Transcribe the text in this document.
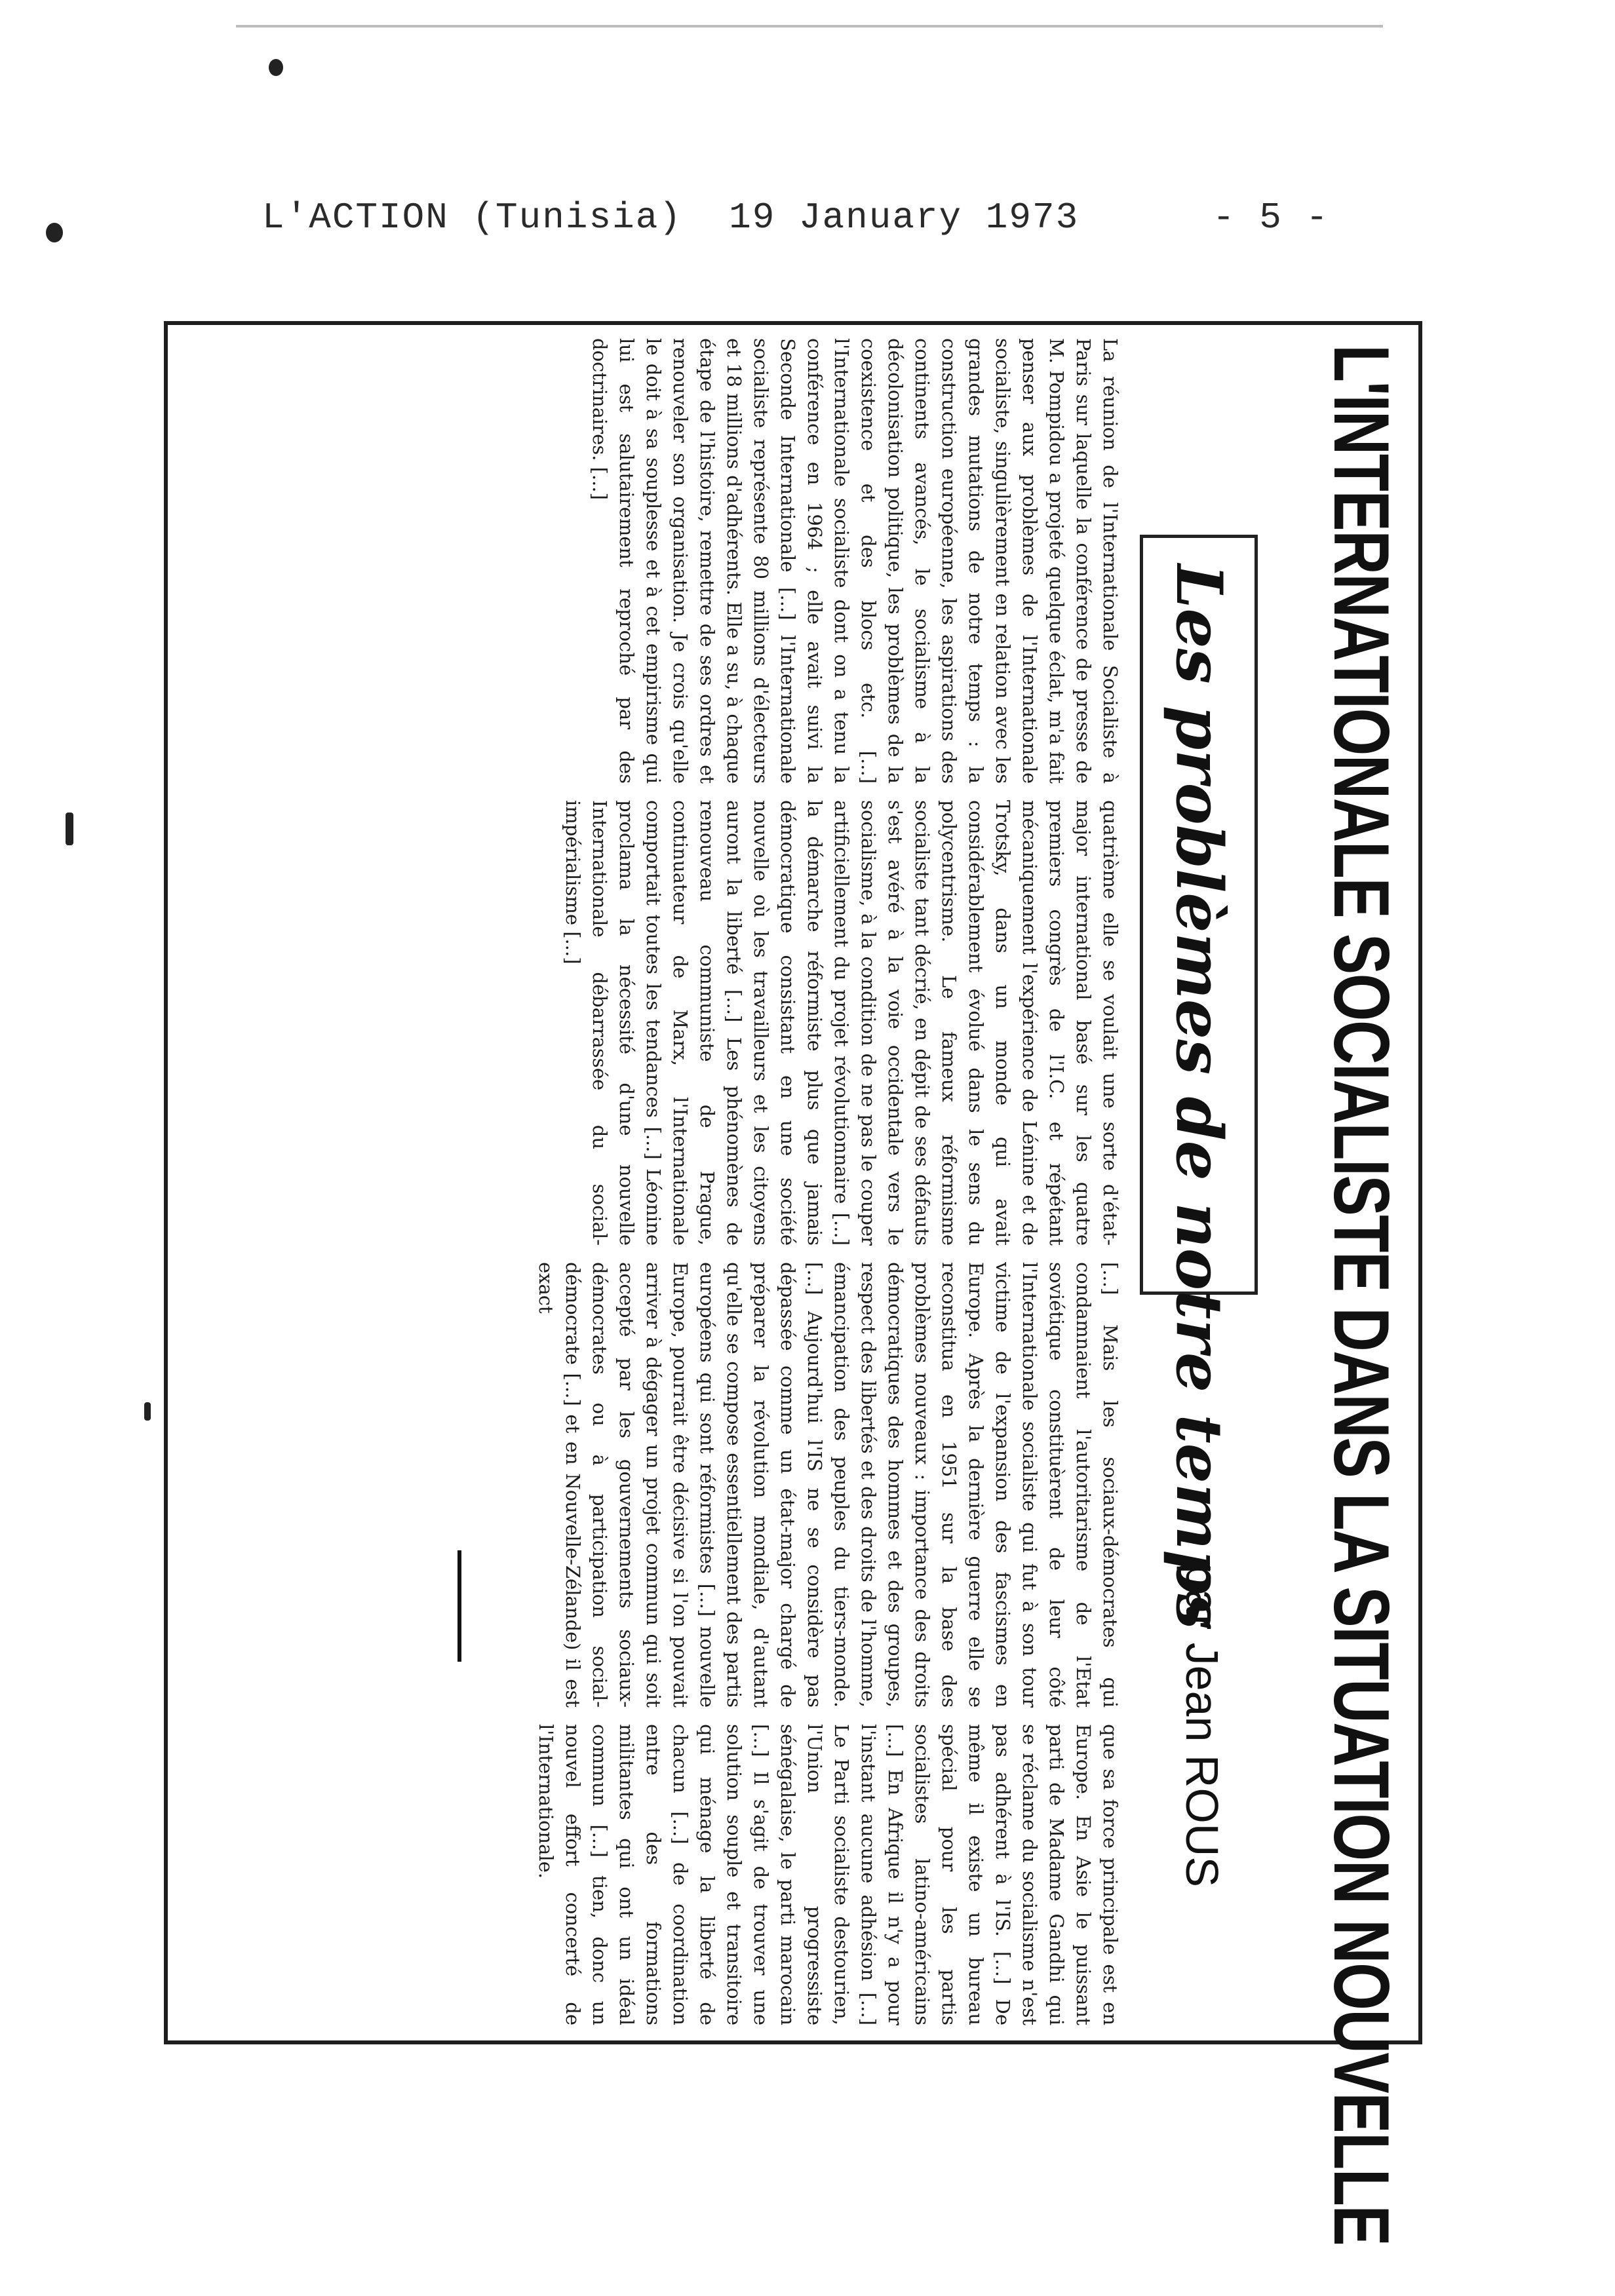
L'ACTION (Tunisia)  19 January 1973	- 5 -
L'INTERNATIONALE SOCIALISTE DANS LA SITUATION NOUVELLE
Les problèmes de notre temps
par Jean ROUS
La réunion de l'Internationale Socialiste à Paris sur laquelle la conférence de presse de M. Pompidou a projeté quelque éclat, m'a fait penser aux problèmes de l'Internationale socialiste, singulièrement en relation avec les grandes mutations de notre temps : la construction européenne, les aspirations des continents avancés, le socialisme à la décolonisation politique, les problèmes de la coexistence et des blocs etc. [...] l'Internationale socialiste dont on a tenu la conférence en 1964 ; elle avait suivi la Seconde Internationale [...] l'Internationale socialiste représente 80 millions d'électeurs et 18 millions d'adhérents. Elle a su, à chaque étape de l'histoire, remettre de ses ordres et renouveler son organisation. Je crois qu'elle le doit à sa souplesse et à cet empirisme qui lui est salutairement reproché par des doctrinaires. [...]
quatrième elle se voulait une sorte d'état-major international basé sur les quatre premiers congrès de l'I.C. et répétant mécaniquement l'expérience de Lénine et de Trotsky, dans un monde qui avait considérablement évolué dans le sens du polycentrisme. Le fameux réformisme socialiste tant décrié, en dépit de ses défauts s'est avéré à la voie occidentale vers le socialisme, à la condition de ne pas le couper artificiellement du projet révolutionnaire [...] la démarche réformiste plus que jamais démocratique consistant en une société nouvelle où les travailleurs et les citoyens auront la liberté [...] Les phénomènes de renouveau communiste de Prague, continuateur de Marx, l'Internationale comportait toutes les tendances [...] Léonine proclama la nécessité d'une nouvelle Internationale débarrassée du social-impérialisme [...]
[...] Mais les sociaux-démocrates qui condamnaient l'autoritarisme de l'Etat soviétique constituèrent de leur côté l'Internationale socialiste qui fut à son tour victime de l'expansion des fascismes en Europe. Après la dernière guerre elle se reconstitua en 1951 sur la base des problèmes nouveaux : importance des droits démocratiques des hommes et des groupes, respect des libertés et des droits de l'homme, émancipation des peuples du tiers-monde. [...] Aujourd'hui l'IS ne se considère pas dépassée comme un état-major chargé de préparer la révolution mondiale, d'autant qu'elle se compose essentiellement des partis européens qui sont réformistes [...] nouvelle Europe, pourrait être décisive si l'on pouvait arriver à dégager un projet commun qui soit accepté par les gouvernements sociaux-démocrates ou à participation social-démocrate [...] et en Nouvelle-Zélande) il est exact
que sa force principale est en Europe. En Asie le puissant parti de Madame Gandhi qui se réclame du socialisme n'est pas adhérent à l'IS. [...] De même il existe un bureau spécial pour les partis socialistes latino-américains [...] En Afrique il n'y a pour l'instant aucune adhésion [...] Le Parti socialiste destourien, l'Union progressiste sénégalaise, le parti marocain [...] Il s'agit de trouver une solution souple et transitoire qui ménage la liberté de chacun [...] de coordination entre des formations militantes qui ont un idéal commun [...] tien, donc un nouvel effort concerté de l'Internationale.
